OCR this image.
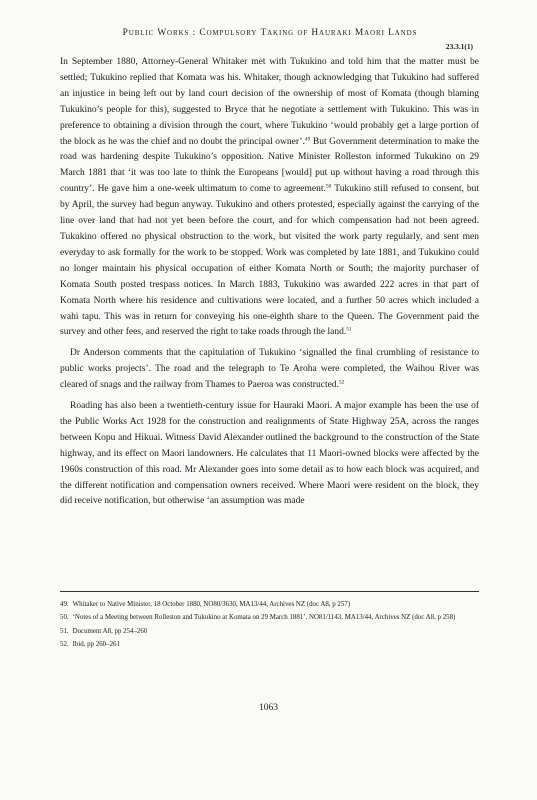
Public Works : Compulsory Taking of Hauraki Maori Lands
23.3.1(1)

In September 1880, Attorney-General Whitaker met with Tukukino and told him that the matter must be settled; Tukukino replied that Komata was his. Whitaker, though acknowledging that Tukukino had suffered an injustice in being left out by land court decision of the ownership of most of Komata (though blaming Tukukino’s people for this), suggested to Bryce that he negotiate a settlement with Tukukino. This was in preference to obtaining a division through the court, where Tukukino ‘would probably get a large portion of the block as he was the chief and no doubt the principal owner’.$^{49}$ But Government determination to make the road was hardening despite Tukukino’s opposition. Native Minister Rolleston informed Tukukino on 29 March 1881 that ‘it was too late to think the Europeans [would] put up without having a road through this country’. He gave him a one-week ultimatum to come to agreement.$^{50}$ Tukukino still refused to consent, but by April, the survey had begun anyway. Tukukino and others protested, especially against the carrying of the line over land that had not yet been before the court, and for which compensation had not been agreed. Tukukino offered no physical obstruction to the work, but visited the work party regularly, and sent men everyday to ask formally for the work to be stopped. Work was completed by late 1881, and Tukukino could no longer maintain his physical occupation of either Komata North or South; the majority purchaser of Komata South posted trespass notices. In March 1883, Tukukino was awarded 222 acres in that part of Komata North where his residence and cultivations were located, and a further 50 acres which included a wahi tapu. This was in return for conveying his one-eighth share to the Queen. The Government paid the survey and other fees, and reserved the right to take roads through the land.$^{51}$

Dr Anderson comments that the capitulation of Tukukino ‘signalled the final crumbling of resistance to public works projects’. The road and the telegraph to Te Aroha were completed, the Waihou River was cleared of snags and the railway from Thames to Paeroa was constructed.$^{52}$

Roading has also been a twentieth-century issue for Hauraki Maori. A major example has been the use of the Public Works Act 1928 for the construction and realignments of State Highway 25A, across the ranges between Kopu and Hikuai. Witness David Alexander outlined the background to the construction of the State highway, and its effect on Maori landowners. He calculates that 11 Maori-owned blocks were affected by the 1960s construction of this road. Mr Alexander goes into some detail as to how each block was acquired, and the different notification and compensation owners received. Where Maori were resident on the block, they did receive notification, but otherwise ‘an assumption was made

49. Whitaker to Native Minister, 18 October 1880, NO80/3630, MA13/44, Archives NZ (doc A8, p 257)
50. ‘Notes of a Meeting between Rolleston and Tukukino at Komata on 29 March 1881’, NO81/1143, MA13/44, Archives NZ (doc A8, p 258)
51. Document A8, pp 254–260
52. Ibid, pp 260–261
1063
